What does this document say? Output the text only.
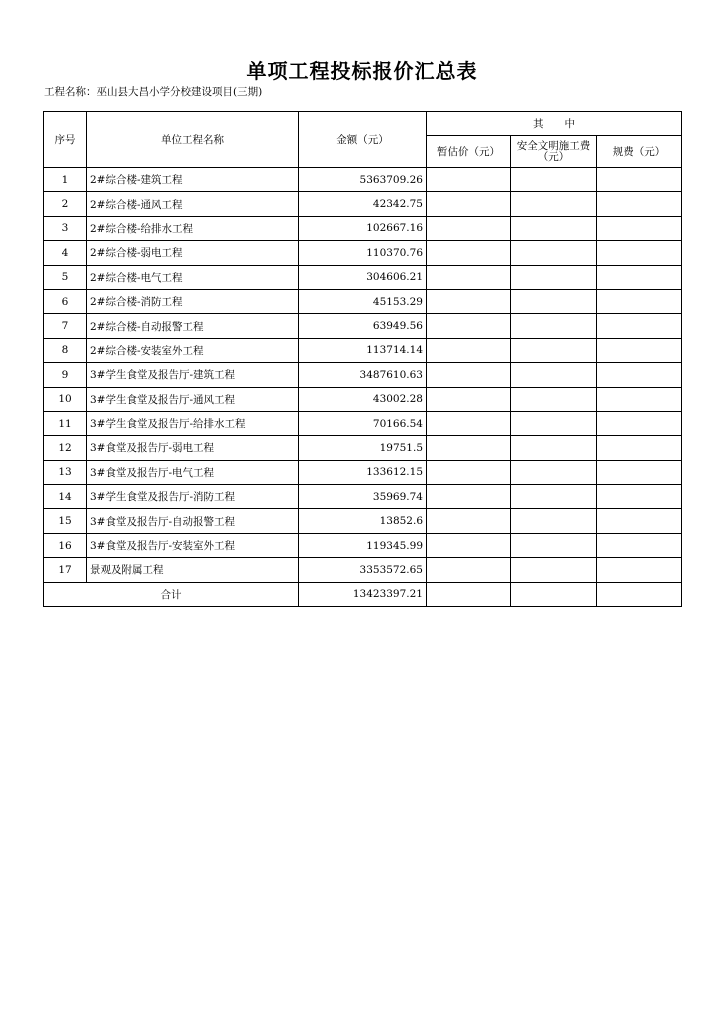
单项工程投标报价汇总表
工程名称：巫山县大昌小学分校建设项目(三期)
序号	单位工程名称	金额（元）	其　　中		
			暂估价（元）	安全文明施工费（元）	规费（元）
1	2#综合楼-建筑工程	5363709.26			
2	2#综合楼-通风工程	42342.75			
3	2#综合楼-给排水工程	102667.16			
4	2#综合楼-弱电工程	110370.76			
5	2#综合楼-电气工程	304606.21			
6	2#综合楼-消防工程	45153.29			
7	2#综合楼-自动报警工程	63949.56			
8	2#综合楼-安装室外工程	113714.14			
9	3#学生食堂及报告厅-建筑工程	3487610.63			
10	3#学生食堂及报告厅-通风工程	43002.28			
11	3#学生食堂及报告厅-给排水工程	70166.54			
12	3#食堂及报告厅-弱电工程	19751.5			
13	3#食堂及报告厅-电气工程	133612.15			
14	3#学生食堂及报告厅-消防工程	35969.74			
15	3#食堂及报告厅-自动报警工程	13852.6			
16	3#食堂及报告厅-安装室外工程	119345.99			
17	景观及附属工程	3353572.65			
合计		13423397.21			
